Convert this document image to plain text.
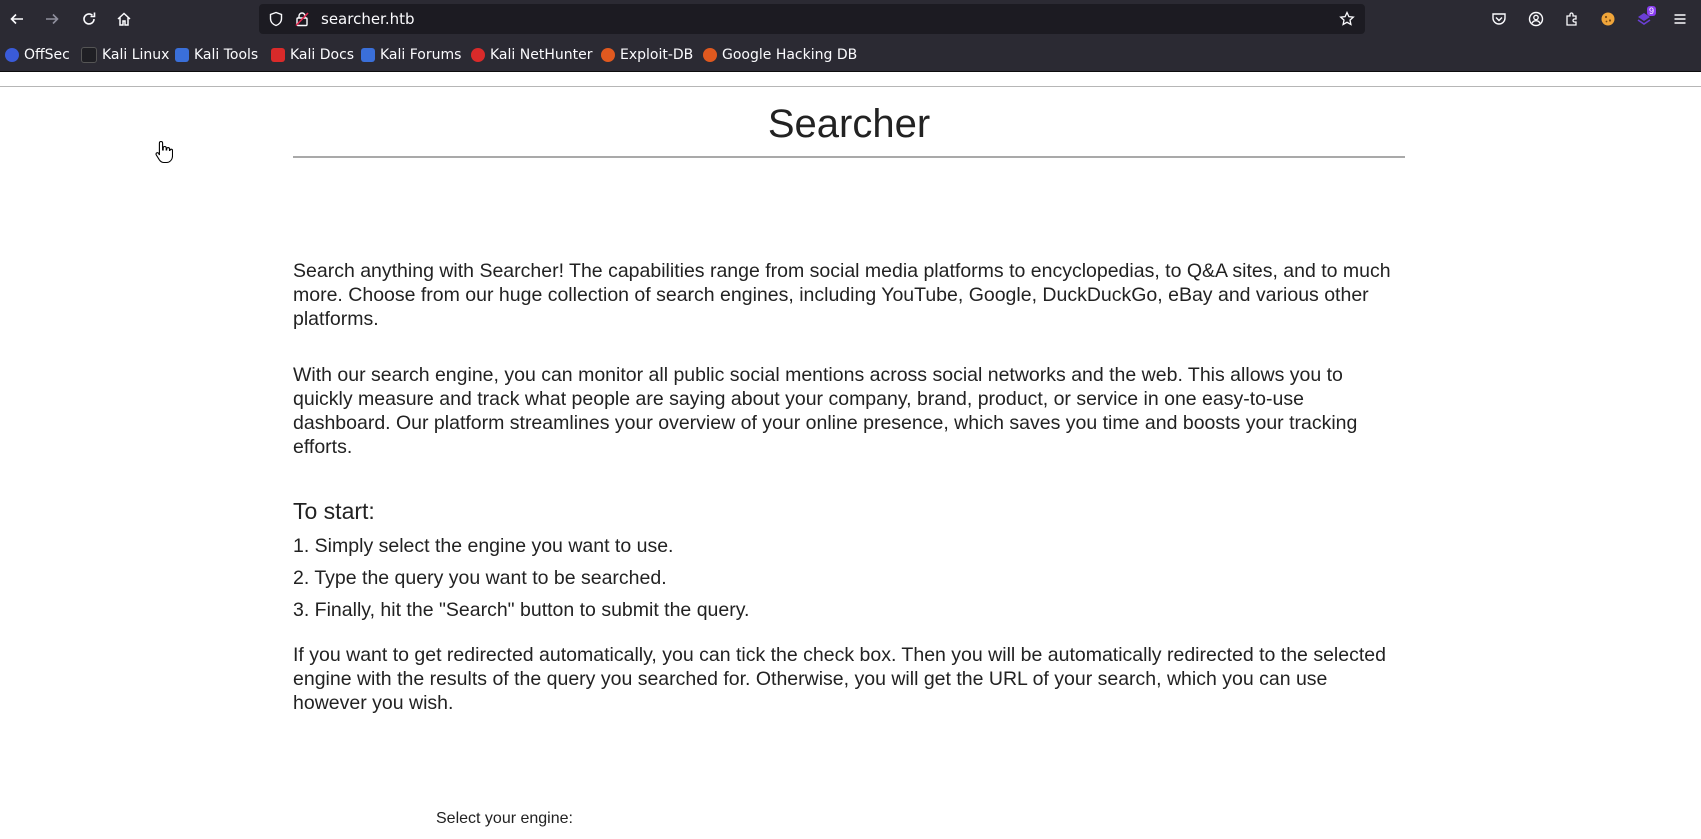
searcher.htb	9
OffSec Kali Linux Kali Tools Kali Docs Kali Forums Kali NetHunter Exploit-DB Google Hacking DB
Searcher

Search anything with Searcher! The capabilities range from social media platforms to encyclopedias, to Q&A sites, and to much more. Choose from our huge collection of search engines, including YouTube, Google, DuckDuckGo, eBay and various other platforms.

With our search engine, you can monitor all public social mentions across social networks and the web. This allows you to quickly measure and track what people are saying about your company, brand, product, or service in one easy-to-use dashboard. Our platform streamlines your overview of your online presence, which saves you time and boosts your tracking efforts.

To start:
1. Simply select the engine you want to use.
2. Type the query you want to be searched.
3. Finally, hit the "Search" button to submit the query.

If you want to get redirected automatically, you can tick the check box. Then you will be automatically redirected to the selected engine with the results of the query you searched for. Otherwise, you will get the URL of your search, which you can use however you wish.

Select your engine:
